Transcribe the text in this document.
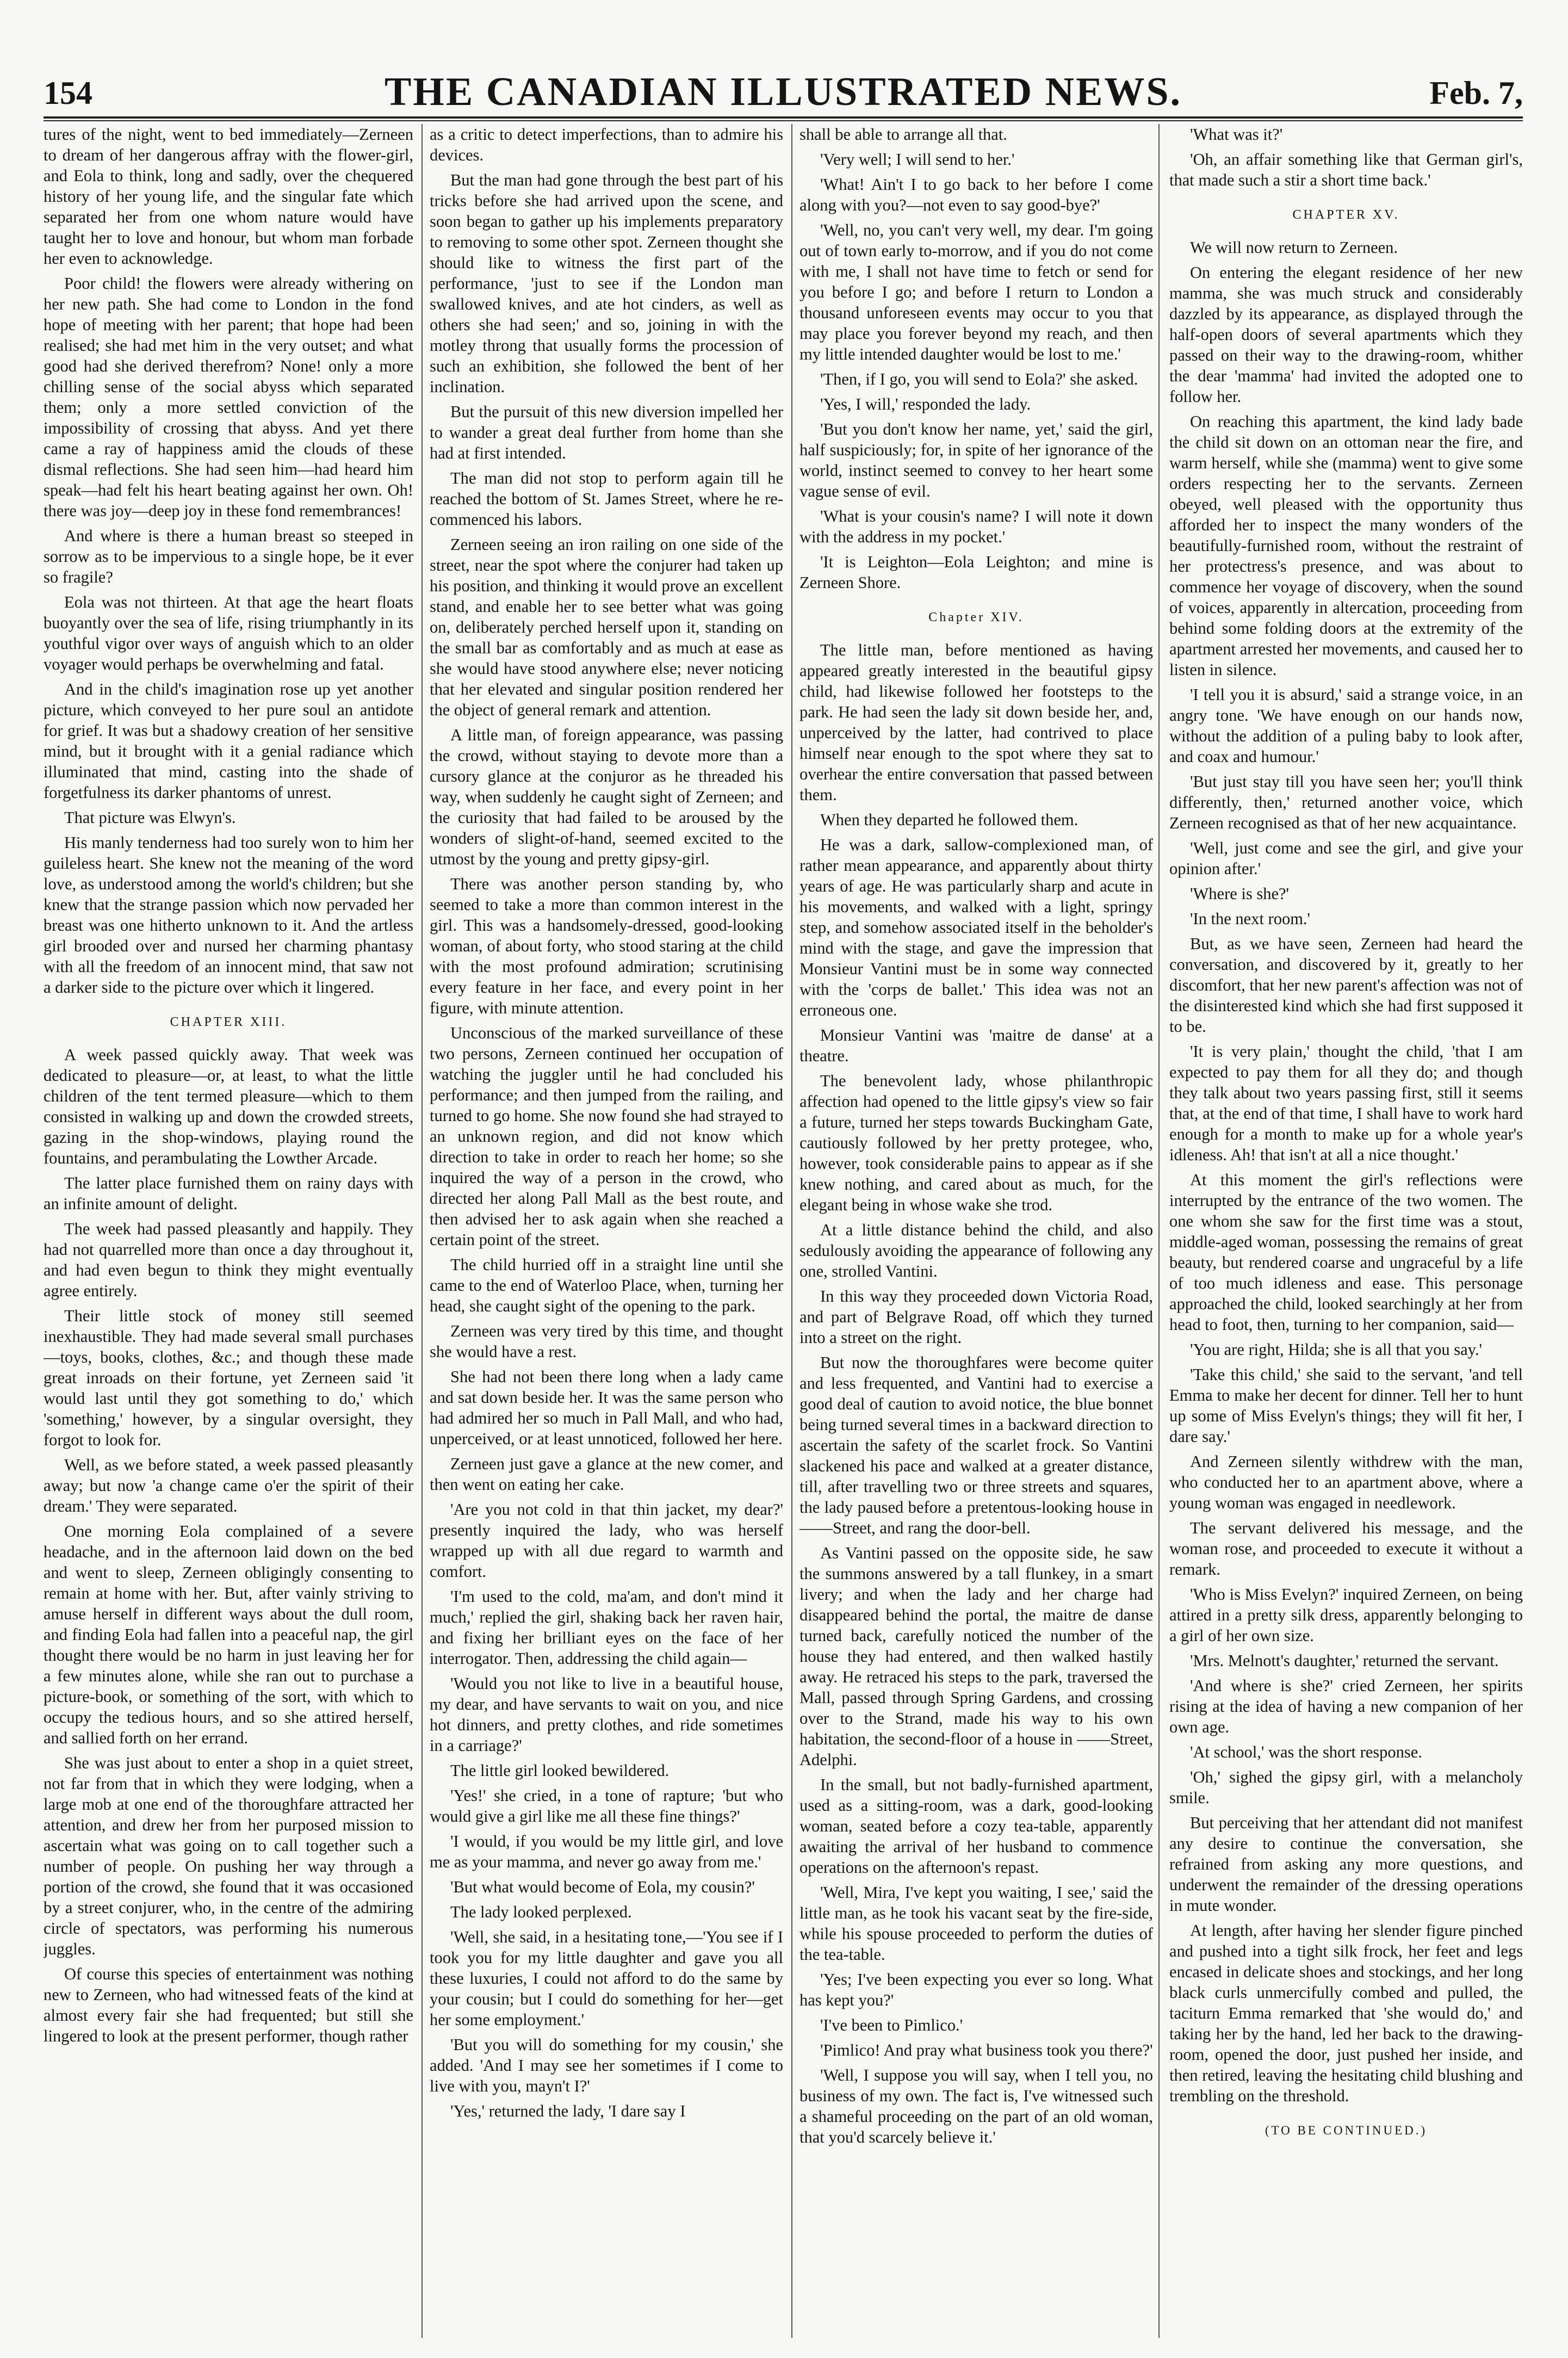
154	THE CANADIAN ILLUSTRATED NEWS.	Feb. 7,

tures of the night, went to bed immediately—Zerneen to dream of her dangerous affray with the flower-girl, and Eola to think, long and sadly, over the chequered history of her young life, and the singular fate which separated her from one whom nature would have taught her to love and honour, but whom man forbade her even to acknowledge.

Poor child! the flowers were already withering on her new path. She had come to London in the fond hope of meeting with her parent; that hope had been realised; she had met him in the very outset; and what good had she derived therefrom? None! only a more chilling sense of the social abyss which separated them; only a more settled conviction of the impossibility of crossing that abyss. And yet there came a ray of happiness amid the clouds of these dismal reflections. She had seen him—had heard him speak—had felt his heart beating against her own. Oh! there was joy—deep joy in these fond remembrances!

And where is there a human breast so steeped in sorrow as to be impervious to a single hope, be it ever so fragile?

Eola was not thirteen. At that age the heart floats buoyantly over the sea of life, rising triumphantly in its youthful vigor over ways of anguish which to an older voyager would perhaps be overwhelming and fatal.

And in the child's imagination rose up yet another picture, which conveyed to her pure soul an antidote for grief. It was but a shadowy creation of her sensitive mind, but it brought with it a genial radiance which illuminated that mind, casting into the shade of forgetfulness its darker phantoms of unrest.

That picture was Elwyn's.

His manly tenderness had too surely won to him her guileless heart. She knew not the meaning of the word love, as understood among the world's children; but she knew that the strange passion which now pervaded her breast was one hitherto unknown to it. And the artless girl brooded over and nursed her charming phantasy with all the freedom of an innocent mind, that saw not a darker side to the picture over which it lingered.

CHAPTER XIII.

A week passed quickly away. That week was dedicated to pleasure—or, at least, to what the little children of the tent termed pleasure—which to them consisted in walking up and down the crowded streets, gazing in the shop-windows, playing round the fountains, and perambulating the Lowther Arcade.

The latter place furnished them on rainy days with an infinite amount of delight.

The week had passed pleasantly and happily. They had not quarrelled more than once a day throughout it, and had even begun to think they might eventually agree entirely.

Their little stock of money still seemed inexhaustible. They had made several small purchases—toys, books, clothes, &c.; and though these made great inroads on their fortune, yet Zerneen said 'it would last until they got something to do,' which 'something,' however, by a singular oversight, they forgot to look for.

Well, as we before stated, a week passed pleasantly away; but now 'a change came o'er the spirit of their dream.' They were separated.

One morning Eola complained of a severe headache, and in the afternoon laid down on the bed and went to sleep, Zerneen obligingly consenting to remain at home with her. But, after vainly striving to amuse herself in different ways about the dull room, and finding Eola had fallen into a peaceful nap, the girl thought there would be no harm in just leaving her for a few minutes alone, while she ran out to purchase a picture-book, or something of the sort, with which to occupy the tedious hours, and so she attired herself, and sallied forth on her errand.

She was just about to enter a shop in a quiet street, not far from that in which they were lodging, when a large mob at one end of the thoroughfare attracted her attention, and drew her from her purposed mission to ascertain what was going on to call together such a number of people. On pushing her way through a portion of the crowd, she found that it was occasioned by a street conjurer, who, in the centre of the admiring circle of spectators, was performing his numerous juggles.

Of course this species of entertainment was nothing new to Zerneen, who had witnessed feats of the kind at almost every fair she had frequented; but still she lingered to look at the present performer, though rather

as a critic to detect imperfections, than to admire his devices.

But the man had gone through the best part of his tricks before she had arrived upon the scene, and soon began to gather up his implements preparatory to removing to some other spot. Zerneen thought she should like to witness the first part of the performance, 'just to see if the London man swallowed knives, and ate hot cinders, as well as others she had seen;' and so, joining in with the motley throng that usually forms the procession of such an exhibition, she followed the bent of her inclination.

But the pursuit of this new diversion impelled her to wander a great deal further from home than she had at first intended.

The man did not stop to perform again till he reached the bottom of St. James Street, where he re-commenced his labors.

Zerneen seeing an iron railing on one side of the street, near the spot where the conjurer had taken up his position, and thinking it would prove an excellent stand, and enable her to see better what was going on, deliberately perched herself upon it, standing on the small bar as comfortably and as much at ease as she would have stood anywhere else; never noticing that her elevated and singular position rendered her the object of general remark and attention.

A little man, of foreign appearance, was passing the crowd, without staying to devote more than a cursory glance at the conjuror as he threaded his way, when suddenly he caught sight of Zerneen; and the curiosity that had failed to be aroused by the wonders of slight-of-hand, seemed excited to the utmost by the young and pretty gipsy-girl.

There was another person standing by, who seemed to take a more than common interest in the girl. This was a handsomely-dressed, good-looking woman, of about forty, who stood staring at the child with the most profound admiration; scrutinising every feature in her face, and every point in her figure, with minute attention.

Unconscious of the marked surveillance of these two persons, Zerneen continued her occupation of watching the juggler until he had concluded his performance; and then jumped from the railing, and turned to go home. She now found she had strayed to an unknown region, and did not know which direction to take in order to reach her home; so she inquired the way of a person in the crowd, who directed her along Pall Mall as the best route, and then advised her to ask again when she reached a certain point of the street.

The child hurried off in a straight line until she came to the end of Waterloo Place, when, turning her head, she caught sight of the opening to the park.

Zerneen was very tired by this time, and thought she would have a rest.

She had not been there long when a lady came and sat down beside her. It was the same person who had admired her so much in Pall Mall, and who had, unperceived, or at least unnoticed, followed her here.

Zerneen just gave a glance at the new comer, and then went on eating her cake.

'Are you not cold in that thin jacket, my dear?' presently inquired the lady, who was herself wrapped up with all due regard to warmth and comfort.

'I'm used to the cold, ma'am, and don't mind it much,' replied the girl, shaking back her raven hair, and fixing her brilliant eyes on the face of her interrogator. Then, addressing the child again—

'Would you not like to live in a beautiful house, my dear, and have servants to wait on you, and nice hot dinners, and pretty clothes, and ride sometimes in a carriage?'

The little girl looked bewildered.

'Yes!' she cried, in a tone of rapture; 'but who would give a girl like me all these fine things?'

'I would, if you would be my little girl, and love me as your mamma, and never go away from me.'

'But what would become of Eola, my cousin?'

The lady looked perplexed.

'Well, she said, in a hesitating tone,—'You see if I took you for my little daughter and gave you all these luxuries, I could not afford to do the same by your cousin; but I could do something for her—get her some employment.'

'But you will do something for my cousin,' she added. 'And I may see her sometimes if I come to live with you, mayn't I?'

'Yes,' returned the lady, 'I dare say I

shall be able to arrange all that.

'Very well; I will send to her.'

'What! Ain't I to go back to her before I come along with you?—not even to say good-bye?'

'Well, no, you can't very well, my dear. I'm going out of town early to-morrow, and if you do not come with me, I shall not have time to fetch or send for you before I go; and before I return to London a thousand unforeseen events may occur to you that may place you forever beyond my reach, and then my little intended daughter would be lost to me.'

'Then, if I go, you will send to Eola?' she asked.

'Yes, I will,' responded the lady.

'But you don't know her name, yet,' said the girl, half suspiciously; for, in spite of her ignorance of the world, instinct seemed to convey to her heart some vague sense of evil.

'What is your cousin's name? I will note it down with the address in my pocket.'

'It is Leighton—Eola Leighton; and mine is Zerneen Shore.

Chapter XIV.

The little man, before mentioned as having appeared greatly interested in the beautiful gipsy child, had likewise followed her footsteps to the park. He had seen the lady sit down beside her, and, unperceived by the latter, had contrived to place himself near enough to the spot where they sat to overhear the entire conversation that passed between them.

When they departed he followed them.

He was a dark, sallow-complexioned man, of rather mean appearance, and apparently about thirty years of age. He was particularly sharp and acute in his movements, and walked with a light, springy step, and somehow associated itself in the beholder's mind with the stage, and gave the impression that Monsieur Vantini must be in some way connected with the 'corps de ballet.' This idea was not an erroneous one.

Monsieur Vantini was 'maitre de danse' at a theatre.

The benevolent lady, whose philanthropic affection had opened to the little gipsy's view so fair a future, turned her steps towards Buckingham Gate, cautiously followed by her pretty protegee, who, however, took considerable pains to appear as if she knew nothing, and cared about as much, for the elegant being in whose wake she trod.

At a little distance behind the child, and also sedulously avoiding the appearance of following any one, strolled Vantini.

In this way they proceeded down Victoria Road, and part of Belgrave Road, off which they turned into a street on the right.

But now the thoroughfares were become quiter and less frequented, and Vantini had to exercise a good deal of caution to avoid notice, the blue bonnet being turned several times in a backward direction to ascertain the safety of the scarlet frock. So Vantini slackened his pace and walked at a greater distance, till, after travelling two or three streets and squares, the lady paused before a pretentous-looking house in——Street, and rang the door-bell.

As Vantini passed on the opposite side, he saw the summons answered by a tall flunkey, in a smart livery; and when the lady and her charge had disappeared behind the portal, the maitre de danse turned back, carefully noticed the number of the house they had entered, and then walked hastily away. He retraced his steps to the park, traversed the Mall, passed through Spring Gardens, and crossing over to the Strand, made his way to his own habitation, the second-floor of a house in ——Street, Adelphi.

In the small, but not badly-furnished apartment, used as a sitting-room, was a dark, good-looking woman, seated before a cozy tea-table, apparently awaiting the arrival of her husband to commence operations on the afternoon's repast.

'Well, Mira, I've kept you waiting, I see,' said the little man, as he took his vacant seat by the fire-side, while his spouse proceeded to perform the duties of the tea-table.

'Yes; I've been expecting you ever so long. What has kept you?'

'I've been to Pimlico.'

'Pimlico! And pray what business took you there?'

'Well, I suppose you will say, when I tell you, no business of my own. The fact is, I've witnessed such a shameful proceeding on the part of an old woman, that you'd scarcely believe it.'

'What was it?'

'Oh, an affair something like that German girl's, that made such a stir a short time back.'

CHAPTER XV.

We will now return to Zerneen.

On entering the elegant residence of her new mamma, she was much struck and considerably dazzled by its appearance, as displayed through the half-open doors of several apartments which they passed on their way to the drawing-room, whither the dear 'mamma' had invited the adopted one to follow her.

On reaching this apartment, the kind lady bade the child sit down on an ottoman near the fire, and warm herself, while she (mamma) went to give some orders respecting her to the servants. Zerneen obeyed, well pleased with the opportunity thus afforded her to inspect the many wonders of the beautifully-furnished room, without the restraint of her protectress's presence, and was about to commence her voyage of discovery, when the sound of voices, apparently in altercation, proceeding from behind some folding doors at the extremity of the apartment arrested her movements, and caused her to listen in silence.

'I tell you it is absurd,' said a strange voice, in an angry tone. 'We have enough on our hands now, without the addition of a puling baby to look after, and coax and humour.'

'But just stay till you have seen her; you'll think differently, then,' returned another voice, which Zerneen recognised as that of her new acquaintance.

'Well, just come and see the girl, and give your opinion after.'

'Where is she?'

'In the next room.'

But, as we have seen, Zerneen had heard the conversation, and discovered by it, greatly to her discomfort, that her new parent's affection was not of the disinterested kind which she had first supposed it to be.

'It is very plain,' thought the child, 'that I am expected to pay them for all they do; and though they talk about two years passing first, still it seems that, at the end of that time, I shall have to work hard enough for a month to make up for a whole year's idleness. Ah! that isn't at all a nice thought.'

At this moment the girl's reflections were interrupted by the entrance of the two women. The one whom she saw for the first time was a stout, middle-aged woman, possessing the remains of great beauty, but rendered coarse and ungraceful by a life of too much idleness and ease. This personage approached the child, looked searchingly at her from head to foot, then, turning to her companion, said—

'You are right, Hilda; she is all that you say.'

'Take this child,' she said to the servant, 'and tell Emma to make her decent for dinner. Tell her to hunt up some of Miss Evelyn's things; they will fit her, I dare say.'

And Zerneen silently withdrew with the man, who conducted her to an apartment above, where a young woman was engaged in needlework.

The servant delivered his message, and the woman rose, and proceeded to execute it without a remark.

'Who is Miss Evelyn?' inquired Zerneen, on being attired in a pretty silk dress, apparently belonging to a girl of her own size.

'Mrs. Melnott's daughter,' returned the servant.

'And where is she?' cried Zerneen, her spirits rising at the idea of having a new companion of her own age.

'At school,' was the short response.

'Oh,' sighed the gipsy girl, with a melancholy smile.

But perceiving that her attendant did not manifest any desire to continue the conversation, she refrained from asking any more questions, and underwent the remainder of the dressing operations in mute wonder.

At length, after having her slender figure pinched and pushed into a tight silk frock, her feet and legs encased in delicate shoes and stockings, and her long black curls unmercifully combed and pulled, the taciturn Emma remarked that 'she would do,' and taking her by the hand, led her back to the drawing-room, opened the door, just pushed her inside, and then retired, leaving the hesitating child blushing and trembling on the threshold.

(TO BE CONTINUED.)
